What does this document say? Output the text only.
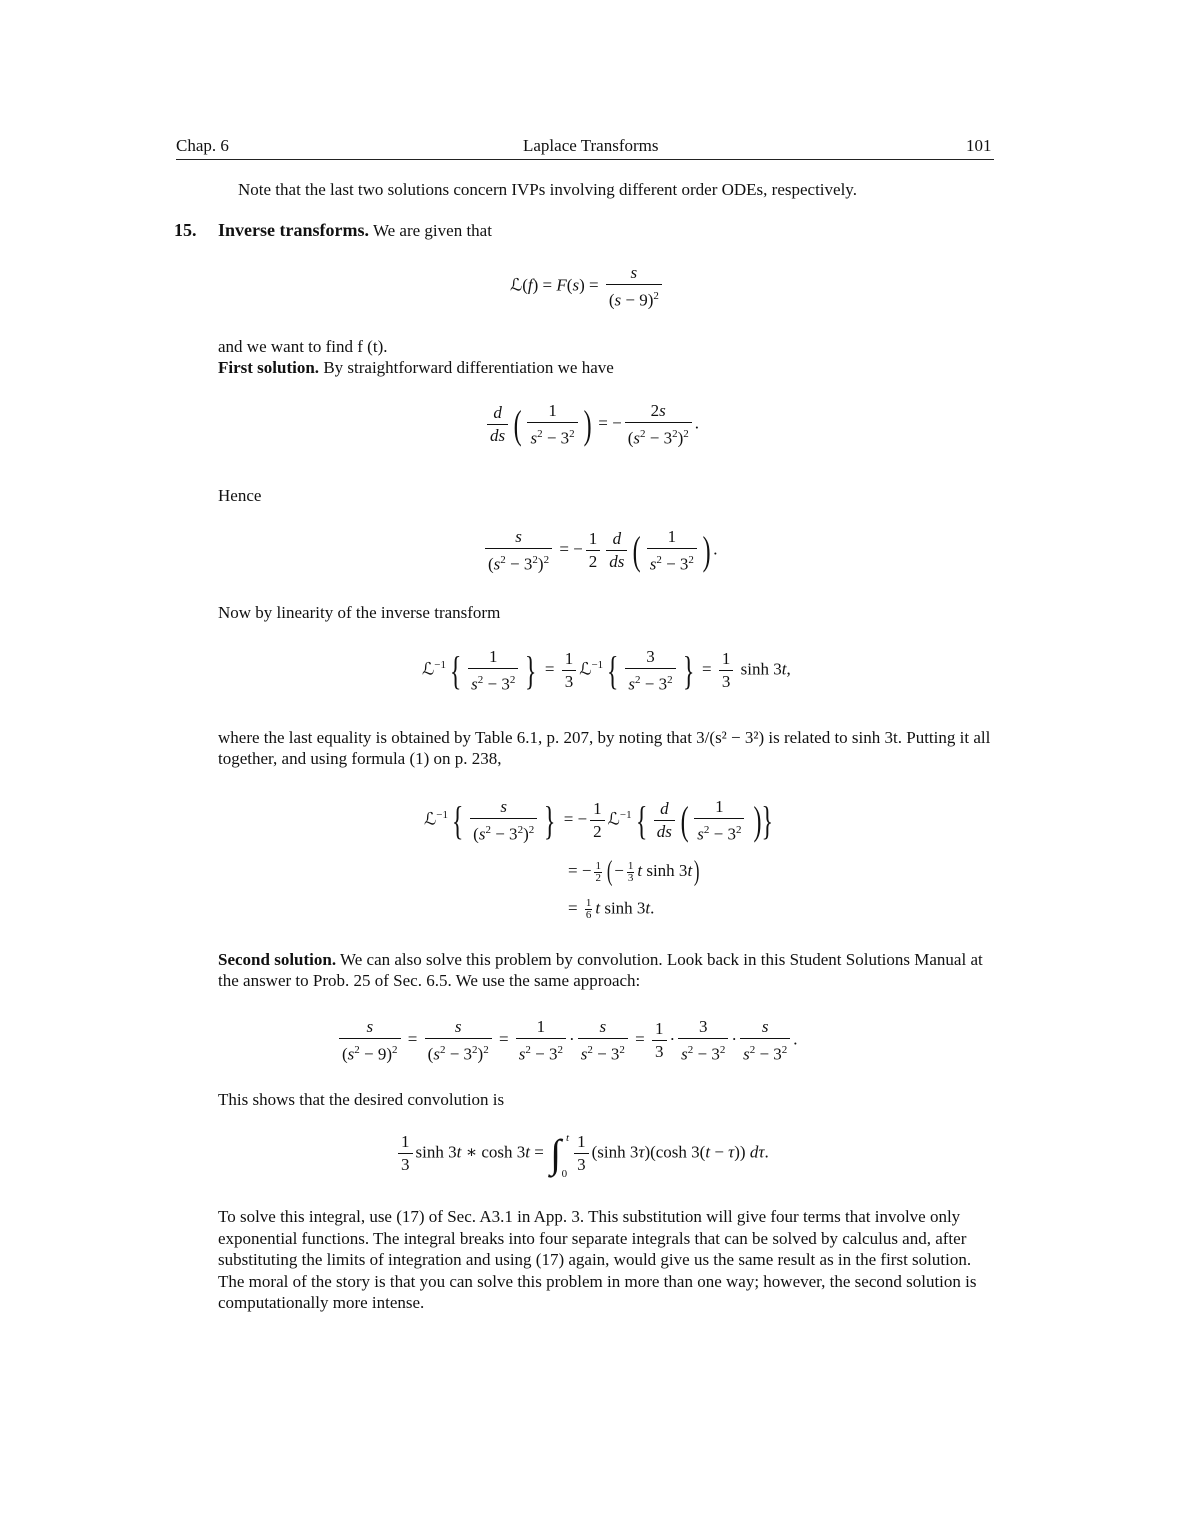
Chap. 6	Laplace Transforms	101
Note that the last two solutions concern IVPs involving different order ODEs, respectively.
15. Inverse transforms. We are given that
ℒ(f) = $F(s) = \frac{s}{(s - 9)^2}$
and we want to find f (t).
First solution. By straightforward differentiation we have
$\frac{d}{ds}$ ( $\frac{1}{s^2 - 3^2}$ ) = − $\frac{2s}{(s^2 - 3^2)^2}$ .
Hence
$\frac{s}{(s^2 - 3^2)^2}$ = − $\frac{1}{2} \frac{d}{ds}$ ( $\frac{1}{s^2 - 3^2}$ ) .
Now by linearity of the inverse transform
ℒ$^{-1}${ $\frac{1}{s^2 - 3^2}$ } = $\frac{1}{3}$ ℒ$^{-1}${ $\frac{3}{s^2 - 3^2}$ } = $\frac{1}{3}$ sinh 3t,
where the last equality is obtained by Table 6.1, p. 207, by noting that 3/(s² − 3²) is related to sinh 3t. Putting it all together, and using formula (1) on p. 238,
ℒ$^{-1}${ $\frac{s}{(s^2 - 3^2)^2}$ } = − $\frac{1}{2}$ ℒ$^{-1}${ $\frac{d}{ds}$ ( $\frac{1}{s^2 - 3^2}$ )}
= − $\frac{1}{2}$ ( − $\frac{1}{3}$ t sinh 3t)
= $\frac{1}{6}$ t sinh 3t.
Second solution. We can also solve this problem by convolution. Look back in this Student Solutions Manual at the answer to Prob. 25 of Sec. 6.5. We use the same approach:
$\frac{s}{(s^2 - 9)^2} = \frac{s}{(s^2 - 3^2)^2} = \frac{1}{s^2 - 3^2} \cdot \frac{s}{s^2 - 3^2} = \frac{1}{3} \cdot \frac{3}{s^2 - 3^2} \cdot \frac{s}{s^2 - 3^2}$ .
This shows that the desired convolution is
$\frac{1}{3}$ sinh 3t ∗ cosh 3t = ∫ t
$0 \frac{1}{3} (\sinh$ 3τ)(cosh 3(t − τ)) dτ.
To solve this integral, use (17) of Sec. A3.1 in App. 3. This substitution will give four terms that involve only exponential functions. The integral breaks into four separate integrals that can be solved by calculus and, after substituting the limits of integration and using (17) again, would give us the same result as in the first solution. The moral of the story is that you can solve this problem in more than one way; however, the second solution is computationally more intense.
